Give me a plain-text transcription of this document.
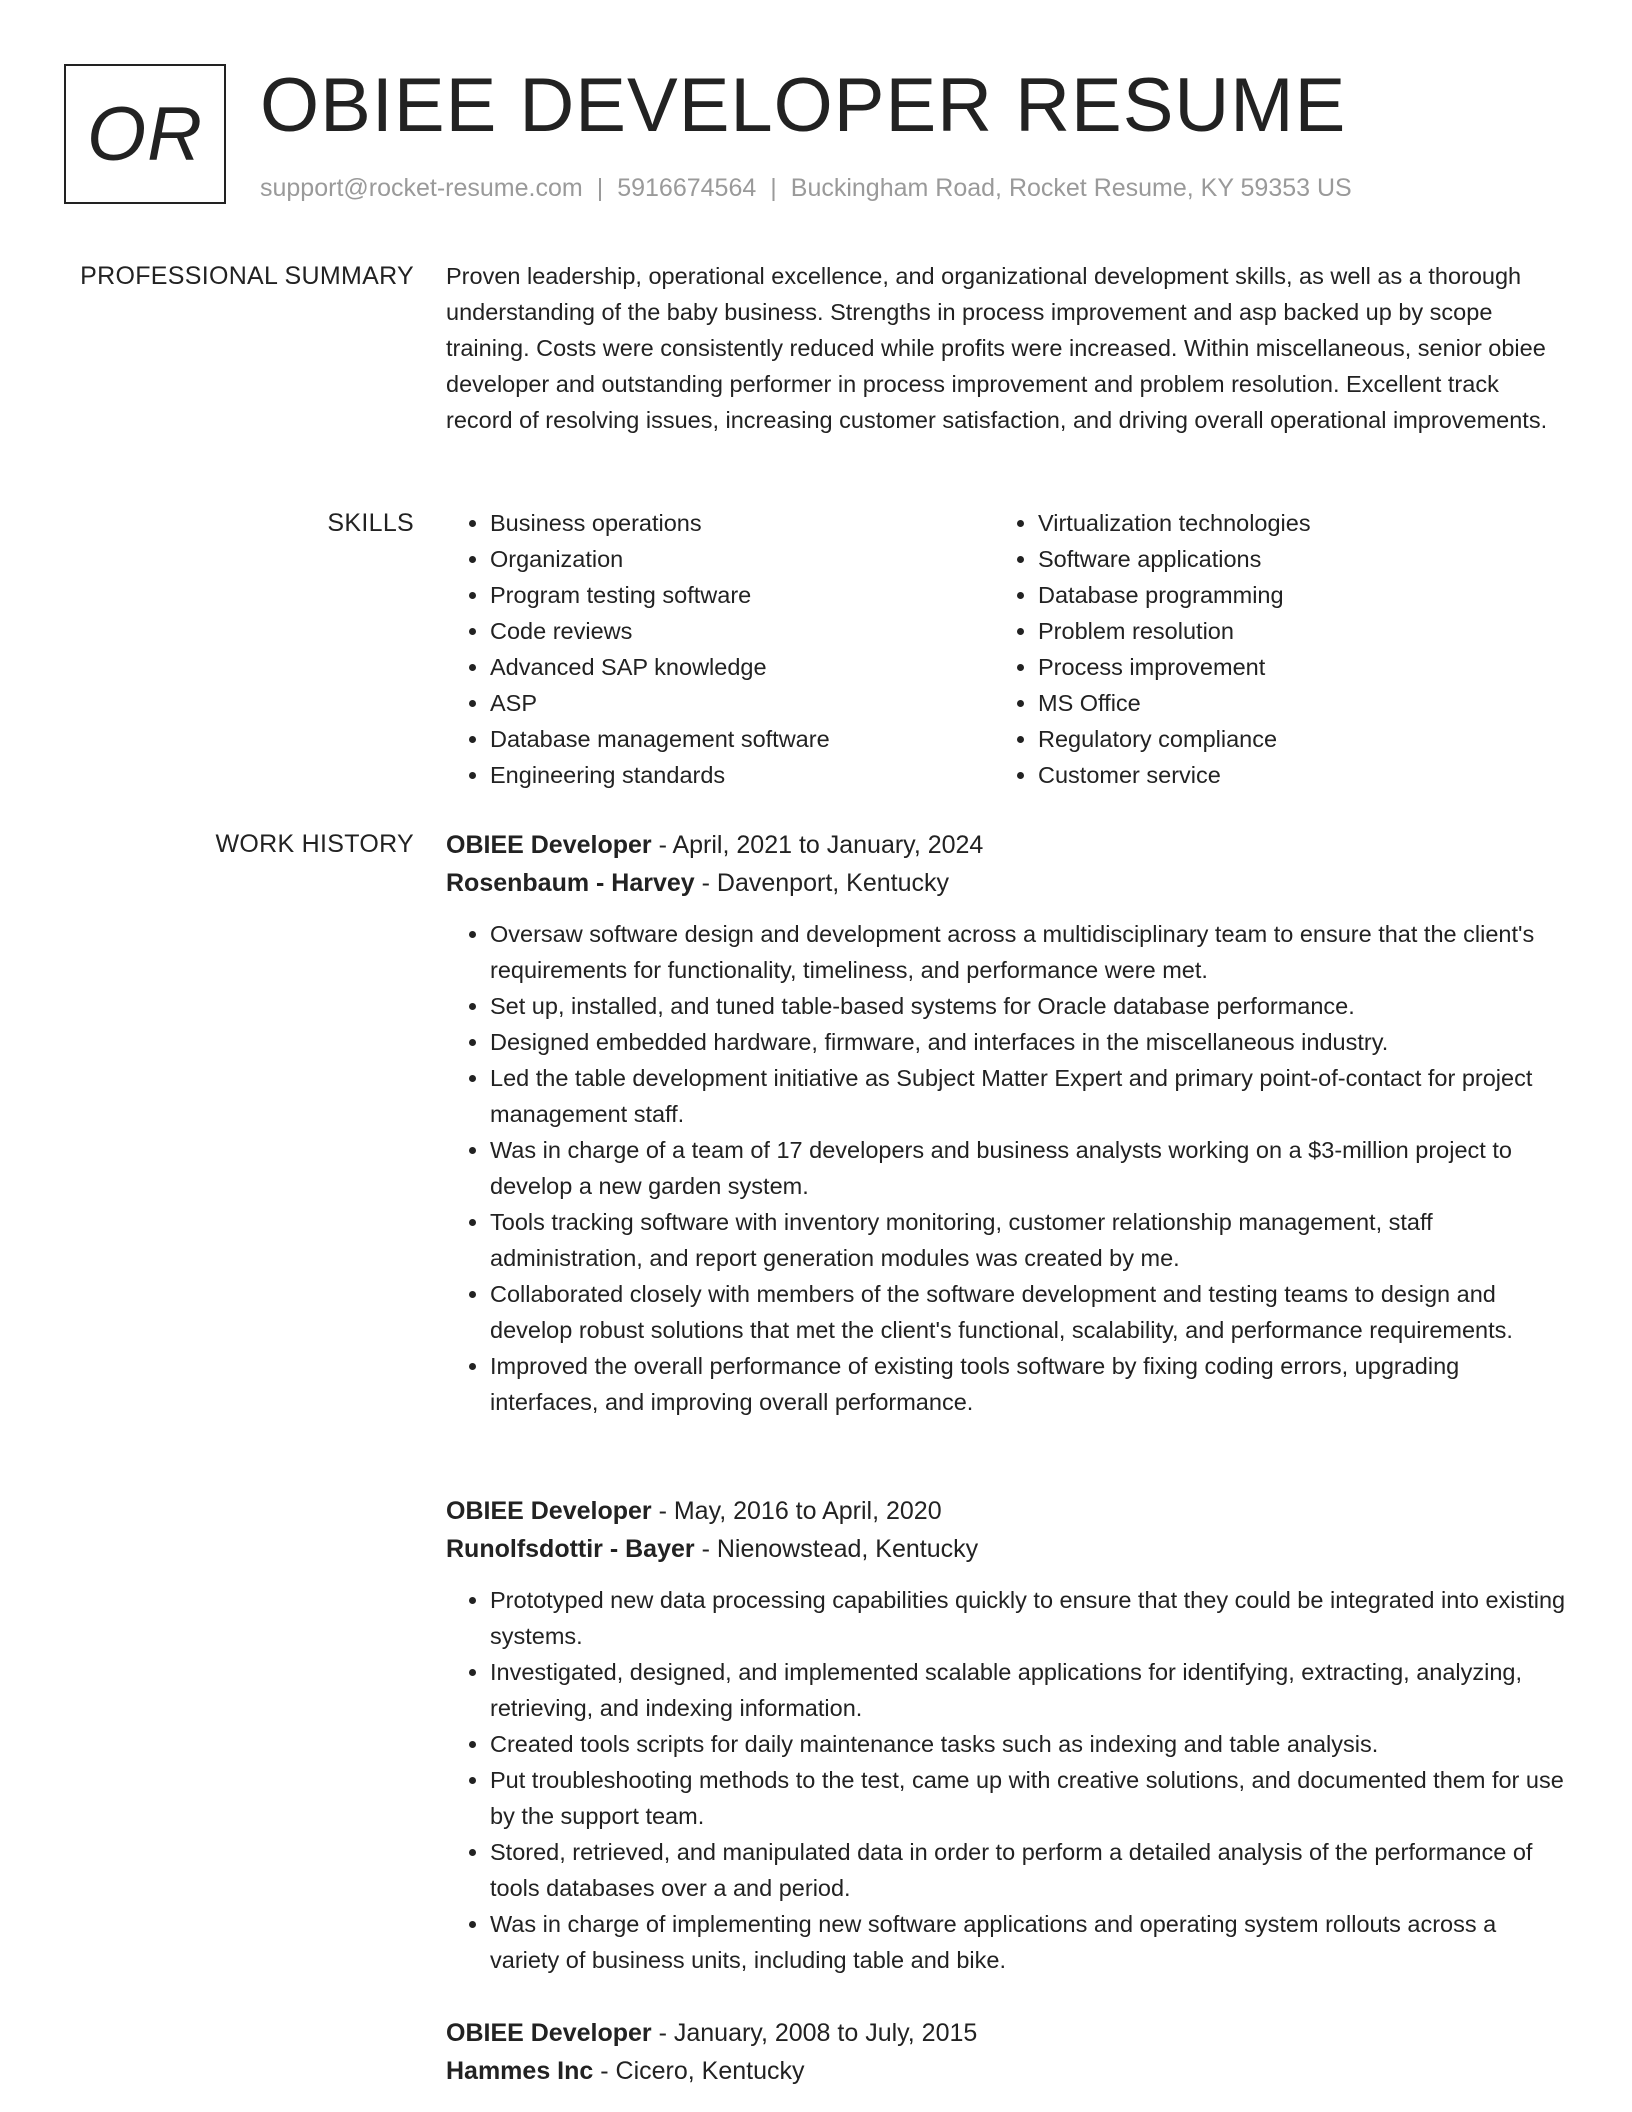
OR OBIEE DEVELOPER RESUME
support@rocket-resume.com | 5916674564 | Buckingham Road, Rocket Resume, KY 59353 US
PROFESSIONAL SUMMARY Proven leadership, operational excellence, and organizational development skills, as well as a thorough understanding of the baby business. Strengths in process improvement and asp backed up by scope training. Costs were consistently reduced while profits were increased. Within miscellaneous, senior obiee developer and outstanding performer in process improvement and problem resolution. Excellent track record of resolving issues, increasing customer satisfaction, and driving overall operational improvements.
SKILLS
•	Business operations
• Organization
• Program testing software
• Code reviews
• Advanced SAP knowledge
• ASP
• Database management software
• Engineering standards
• Virtualization technologies
• Software applications
• Database programming
• Problem resolution
• Process improvement
• MS Office
• Regulatory compliance
• Customer service
WORK HISTORY OBIEE Developer - April, 2021 to January, 2024
Rosenbaum - Harvey - Davenport, Kentucky
• Oversaw software design and development across a multidisciplinary team to ensure that the client's requirements for functionality, timeliness, and performance were met.
• Set up, installed, and tuned table-based systems for Oracle database performance.
• Designed embedded hardware, firmware, and interfaces in the miscellaneous industry.
• Led the table development initiative as Subject Matter Expert and primary point-of-contact for project management staff.
• Was in charge of a team of 17 developers and business analysts working on a $3-million project to develop a new garden system.
• Tools tracking software with inventory monitoring, customer relationship management, staff administration, and report generation modules was created by me.
• Collaborated closely with members of the software development and testing teams to design and develop robust solutions that met the client's functional, scalability, and performance requirements.
• Improved the overall performance of existing tools software by fixing coding errors, upgrading interfaces, and improving overall performance.
OBIEE Developer - May, 2016 to April, 2020
Runolfsdottir - Bayer - Nienowstead, Kentucky
• Prototyped new data processing capabilities quickly to ensure that they could be integrated into existing systems.
• Investigated, designed, and implemented scalable applications for identifying, extracting, analyzing, retrieving, and indexing information.
• Created tools scripts for daily maintenance tasks such as indexing and table analysis.
• Put troubleshooting methods to the test, came up with creative solutions, and documented them for use by the support team.
• Stored, retrieved, and manipulated data in order to perform a detailed analysis of the performance of tools databases over a and period.
• Was in charge of implementing new software applications and operating system rollouts across a variety of business units, including table and bike.
OBIEE Developer - January, 2008 to July, 2015
Hammes Inc - Cicero, Kentucky
